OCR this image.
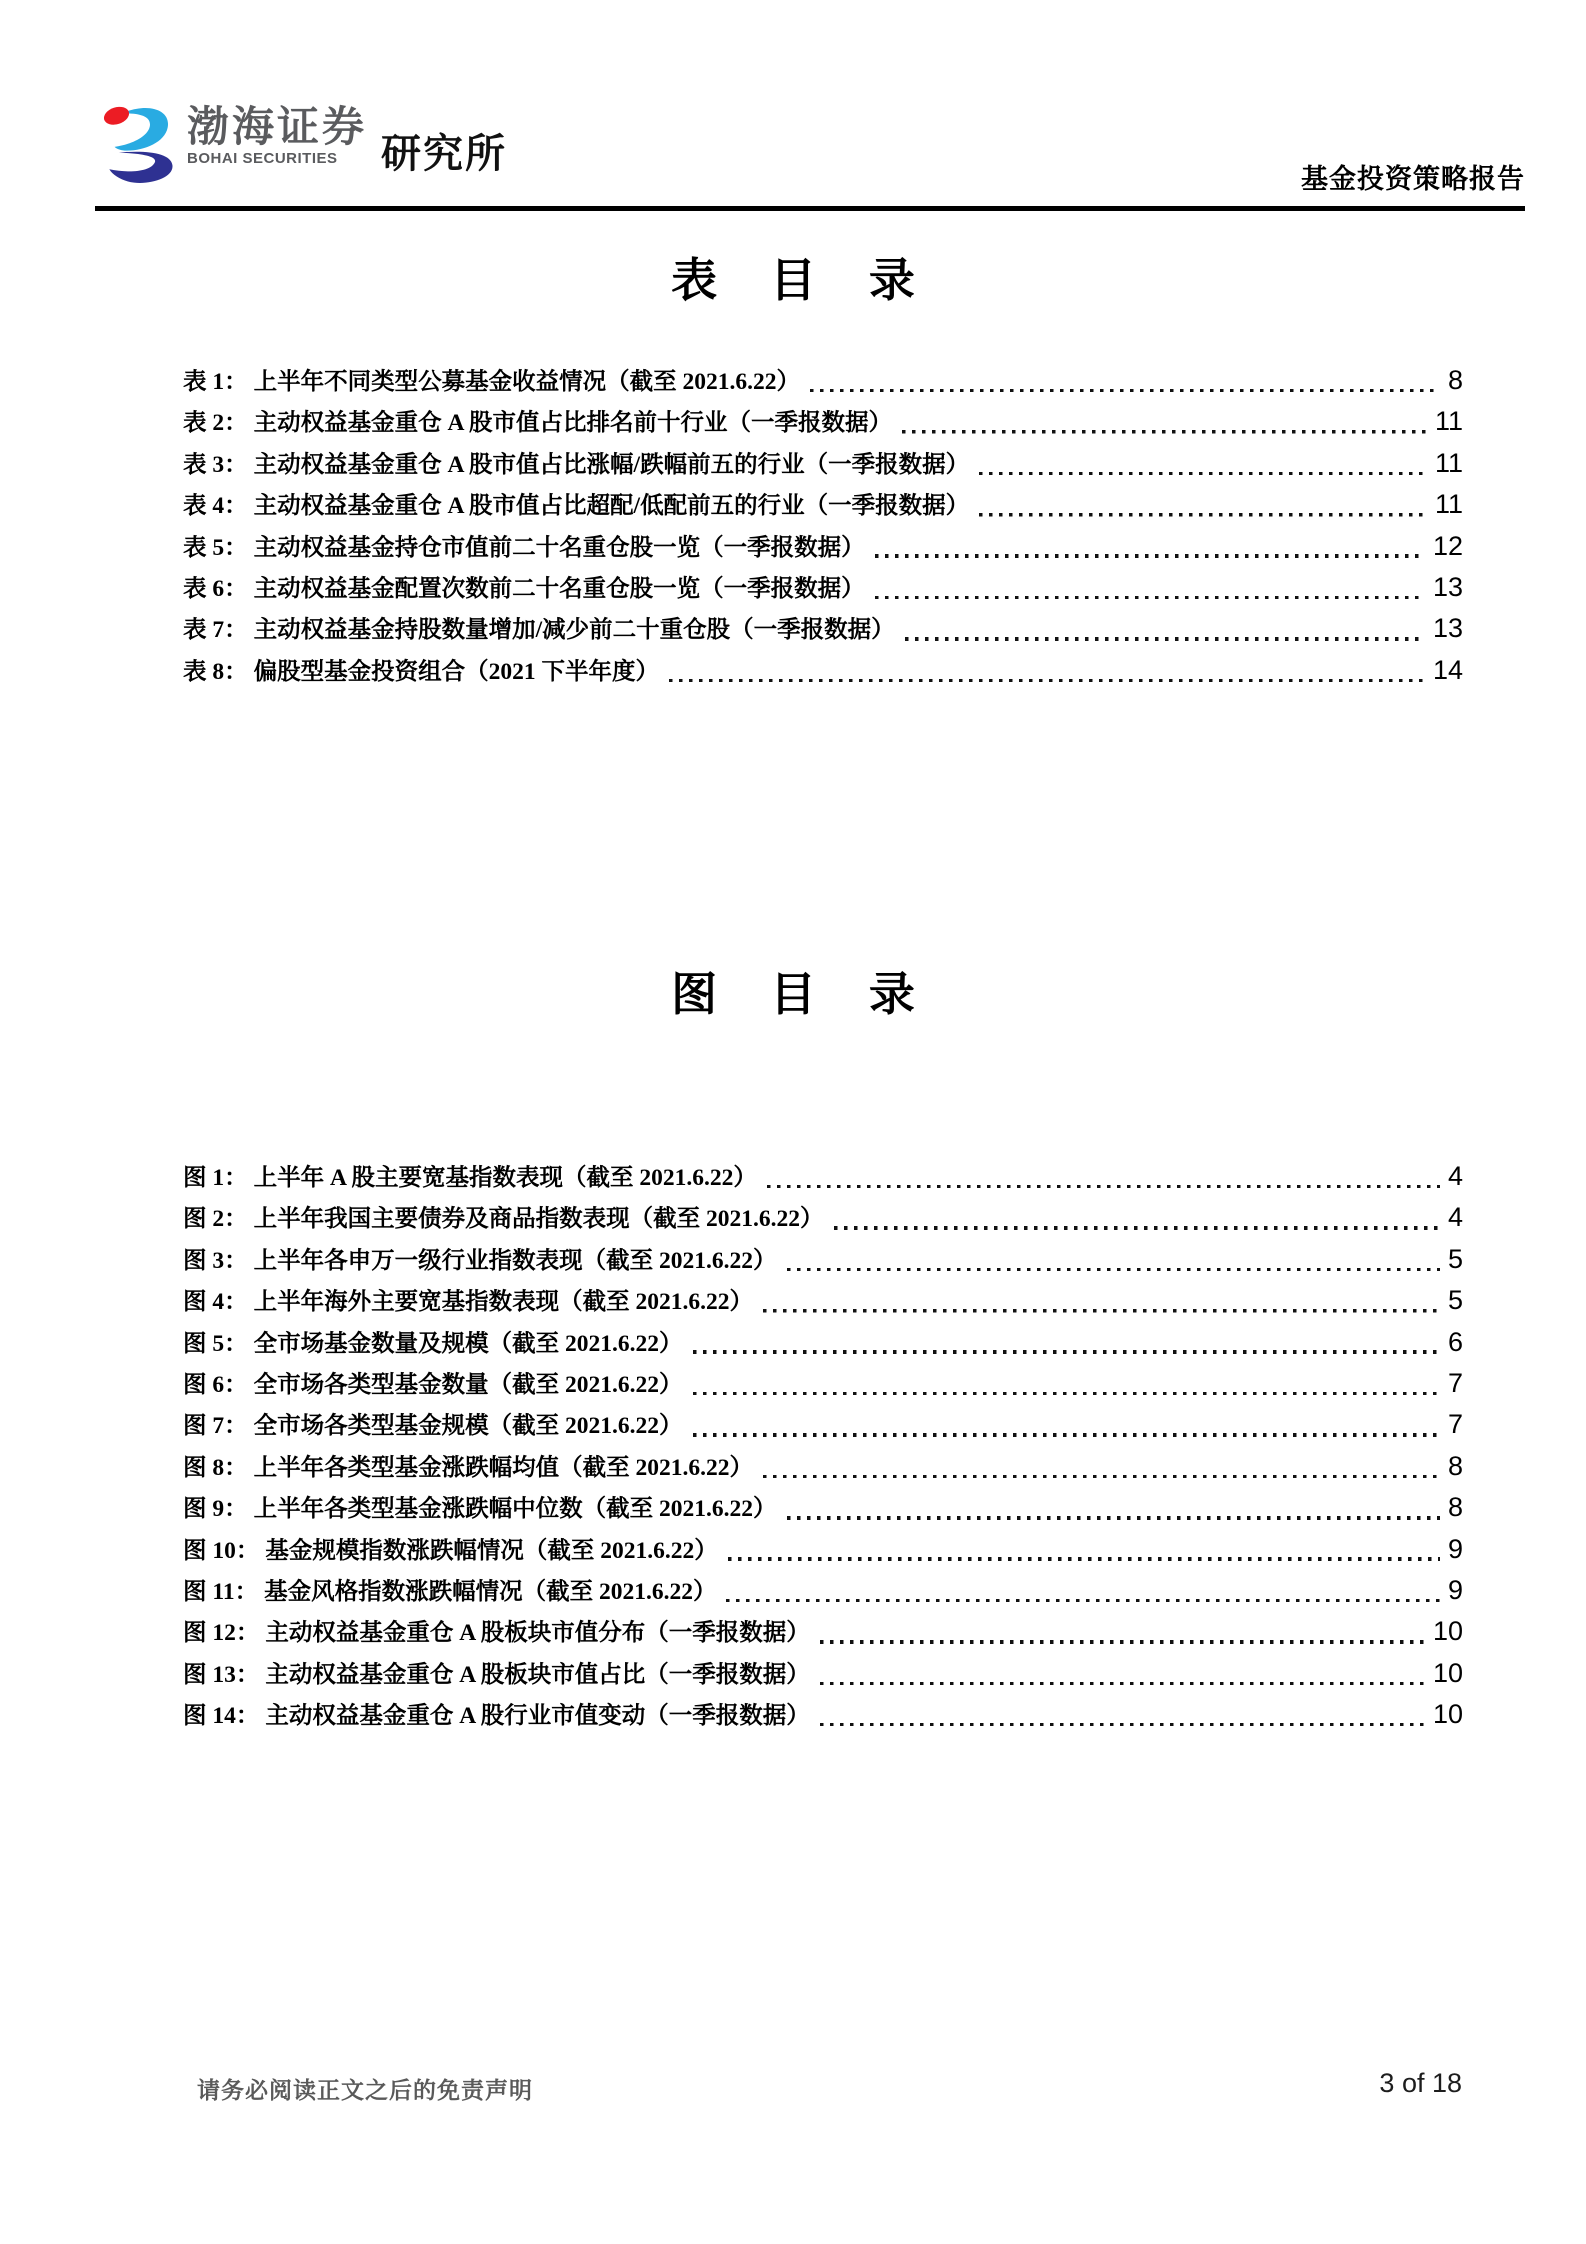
渤海证券
BOHAI SECURITIES	研究所
基金投资策略报告
表 目 录
表 1： 上半年不同类型公募基金收益情况（截至 2021.6.22）	8
表 2： 主动权益基金重仓 A 股市值占比排名前十行业（一季报数据）	11
表 3： 主动权益基金重仓 A 股市值占比涨幅/跌幅前五的行业（一季报数据）	11
表 4： 主动权益基金重仓 A 股市值占比超配/低配前五的行业（一季报数据）	11
表 5： 主动权益基金持仓市值前二十名重仓股一览（一季报数据）	12
表 6： 主动权益基金配置次数前二十名重仓股一览（一季报数据）	13
表 7： 主动权益基金持股数量增加/减少前二十重仓股（一季报数据）	13
表 8： 偏股型基金投资组合（2021 下半年度）	14
图 目 录
图 1： 上半年 A 股主要宽基指数表现（截至 2021.6.22）	4
图 2： 上半年我国主要债券及商品指数表现（截至 2021.6.22）	4
图 3： 上半年各申万一级行业指数表现（截至 2021.6.22）	5
图 4： 上半年海外主要宽基指数表现（截至 2021.6.22）	5
图 5： 全市场基金数量及规模（截至 2021.6.22）	6
图 6： 全市场各类型基金数量（截至 2021.6.22）	7
图 7： 全市场各类型基金规模（截至 2021.6.22）	7
图 8： 上半年各类型基金涨跌幅均值（截至 2021.6.22）	8
图 9： 上半年各类型基金涨跌幅中位数（截至 2021.6.22）	8
图 10： 基金规模指数涨跌幅情况（截至 2021.6.22）	9
图 11： 基金风格指数涨跌幅情况（截至 2021.6.22）	9
图 12： 主动权益基金重仓 A 股板块市值分布（一季报数据）	10
图 13： 主动权益基金重仓 A 股板块市值占比（一季报数据）	10
图 14： 主动权益基金重仓 A 股行业市值变动（一季报数据）	10
请务必阅读正文之后的免责声明	3 of 18
